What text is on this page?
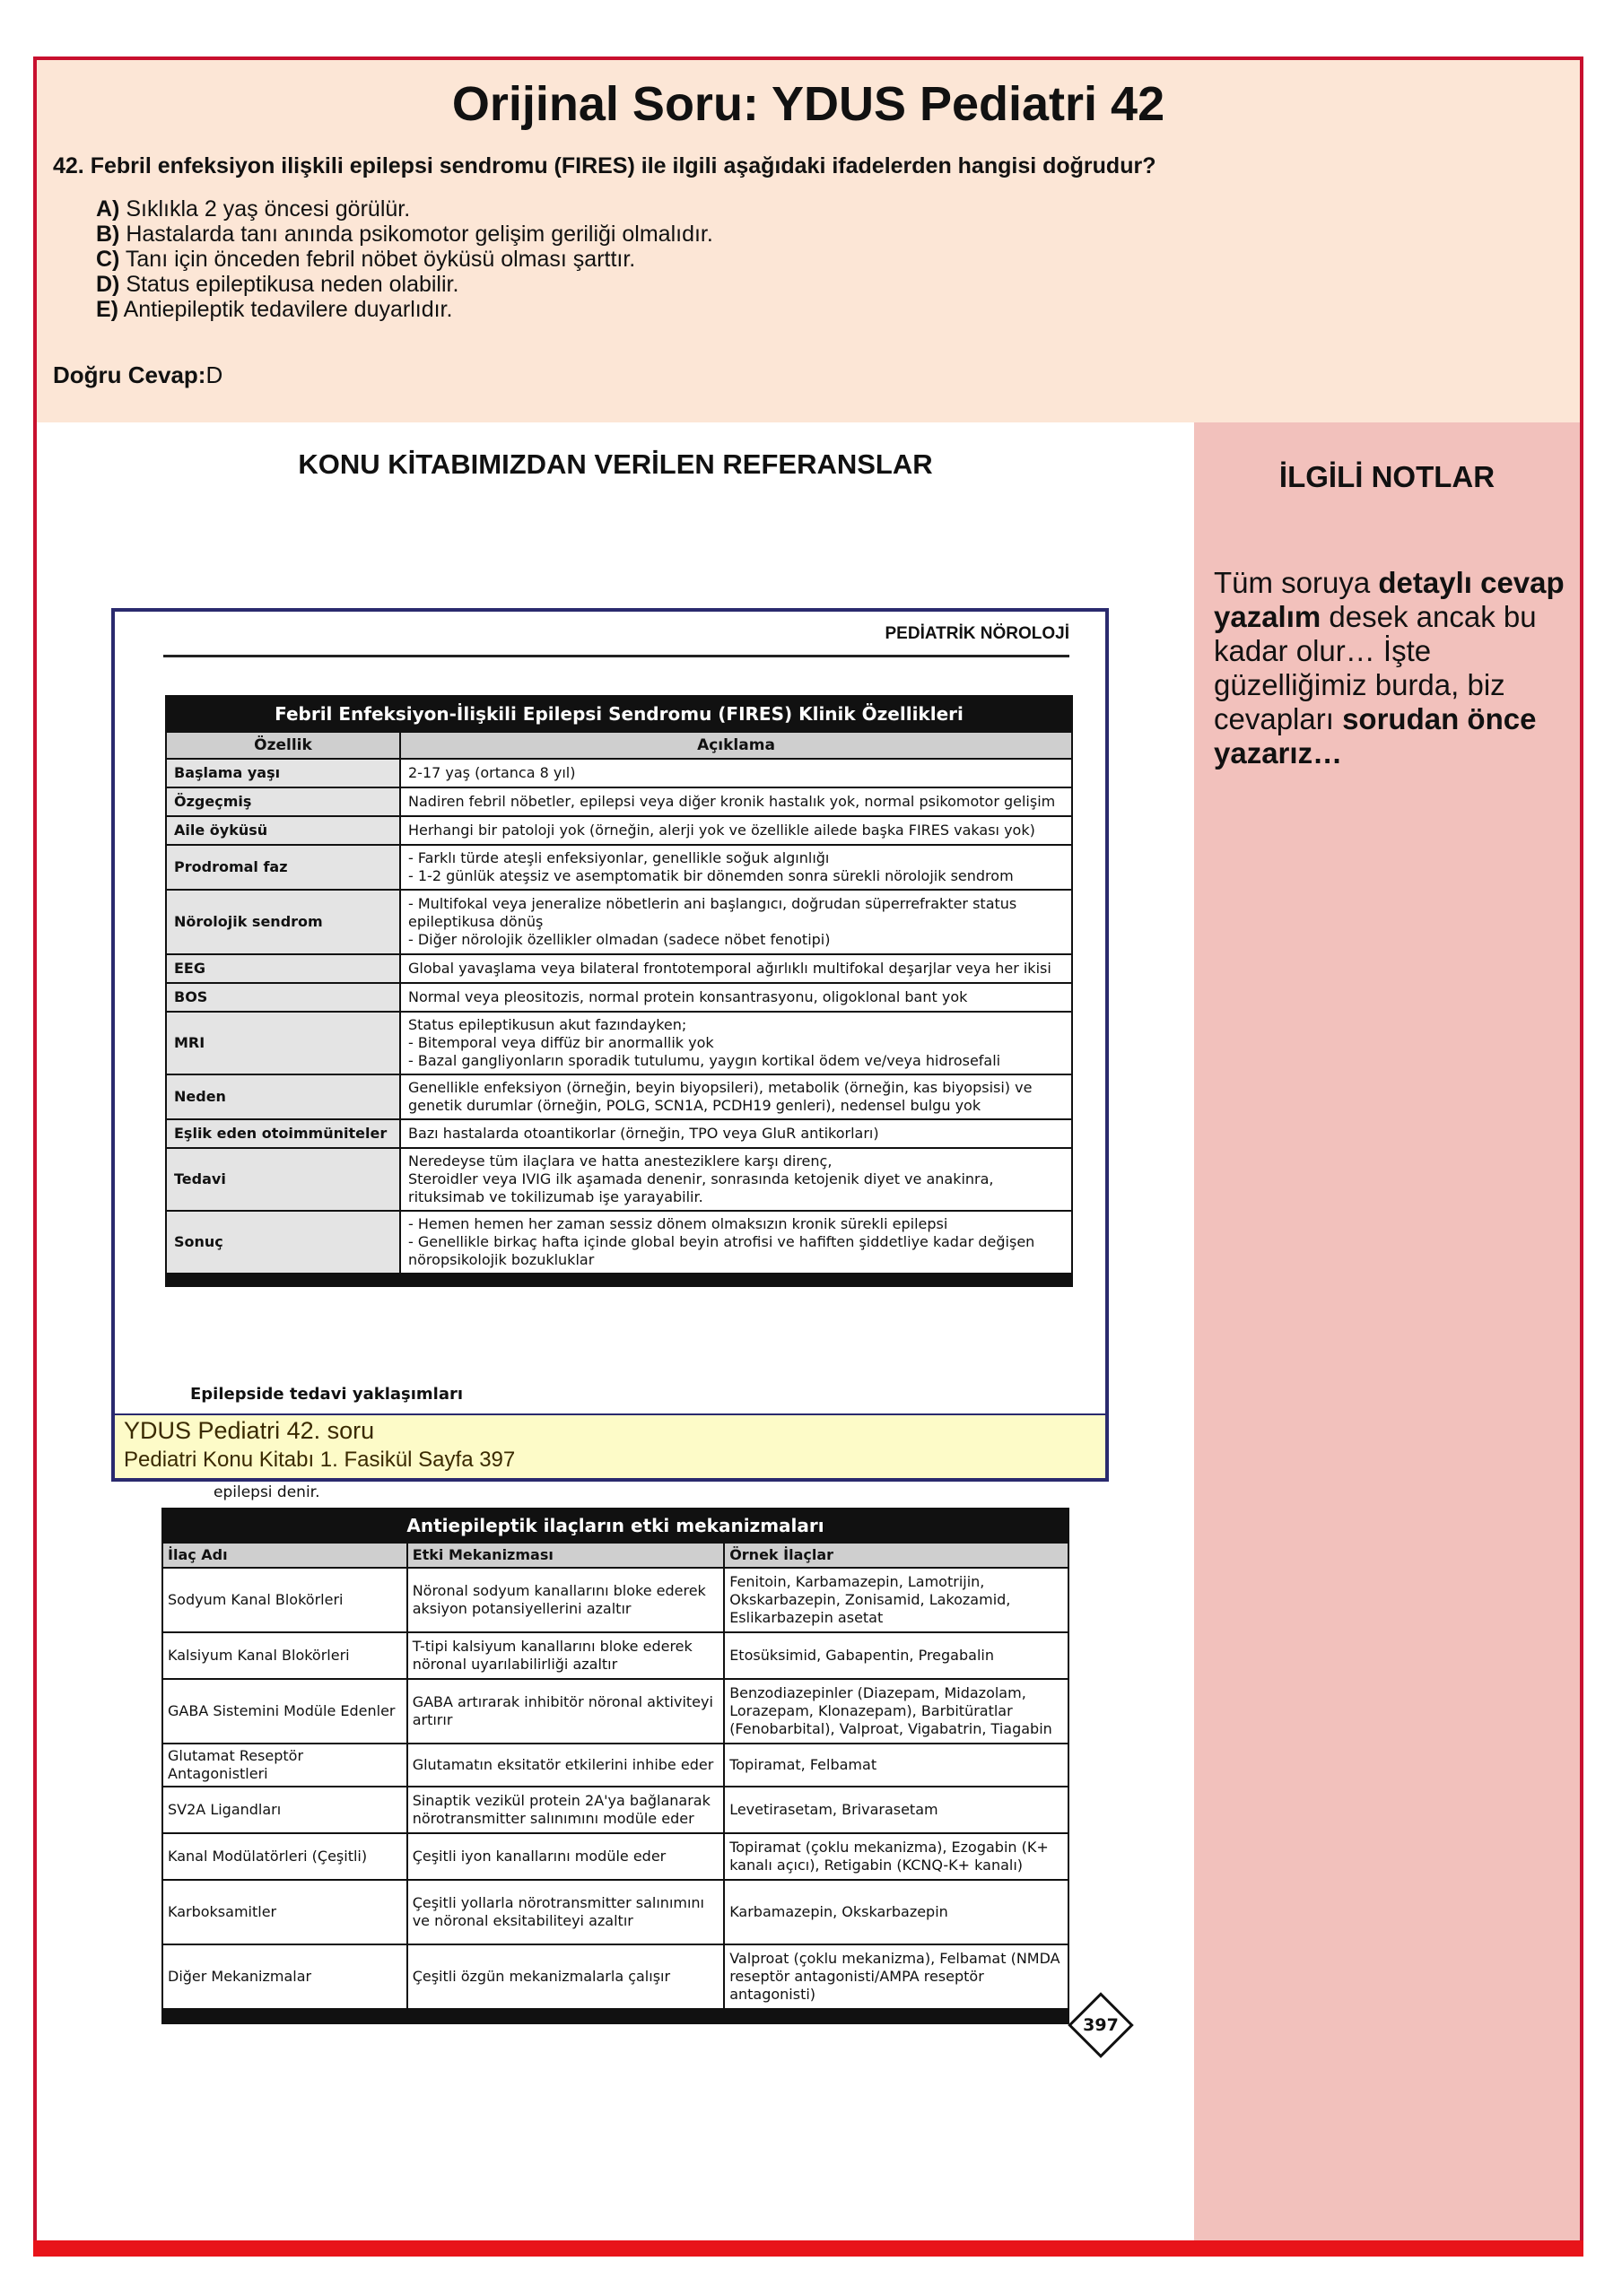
Orijinal Soru: YDUS Pediatri 42
42. Febril enfeksiyon ilişkili epilepsi sendromu (FIRES) ile ilgili aşağıdaki ifadelerden hangisi doğrudur?
A) Sıklıkla 2 yaş öncesi görülür.
B) Hastalarda tanı anında psikomotor gelişim geriliği olmalıdır.
C) Tanı için önceden febril nöbet öyküsü olması şarttır.
D) Status epileptikusa neden olabilir.
E) Antiepileptik tedavilere duyarlıdır.
Doğru Cevap:D
KONU KİTABIMIZDAN VERİLEN REFERANSLAR	İLGİLİ NOTLAR
Tüm soruya detaylı cevap yazalım desek ancak bu kadar olur… İşte güzelliğimiz burda, biz cevapları sorudan önce yazarız…
PEDİATRİK NÖROLOJİ
Febril Enfeksiyon-İlişkili Epilepsi Sendromu (FIRES) Klinik Özellikleri	
Özellik	Açıklama
Başlama yaşı	2-17 yaş (ortanca 8 yıl)

Özgeçmiş	Nadiren febril nöbetler, epilepsi veya diğer kronik hastalık yok, normal psikomotor gelişim

Aile öyküsü	Herhangi bir patoloji yok (örneğin, alerji yok ve özellikle ailede başka FIRES vakası yok)

Prodromal faz	- Farklı türde ateşli enfeksiyonlar, genellikle soğuk algınlığı
- 1-2 günlük ateşsiz ve asemptomatik bir dönemden sonra sürekli nörolojik sendrom

Nörolojik sendrom	- Multifokal veya jeneralize nöbetlerin ani başlangıcı, doğrudan süperrefrakter status epileptikusa dönüş
- Diğer nörolojik özellikler olmadan (sadece nöbet fenotipi)

EEG	Global yavaşlama veya bilateral frontotemporal ağırlıklı multifokal deşarjlar veya her ikisi

BOS	Normal veya pleositozis, normal protein konsantrasyonu, oligoklonal bant yok

MRI	Status epileptikusun akut fazındayken;
- Bitemporal veya diffüz bir anormallik yok
- Bazal gangliyonların sporadik tutulumu, yaygın kortikal ödem ve/veya hidrosefali

Neden	Genellikle enfeksiyon (örneğin, beyin biyopsileri), metabolik (örneğin, kas biyopsisi) ve genetik durumlar (örneğin, POLG, SCN1A, PCDH19 genleri), nedensel bulgu yok

Eşlik eden otoimmüniteler	Bazı hastalarda otoantikorlar (örneğin, TPO veya GluR antikorları)

Tedavi	Neredeyse tüm ilaçlara ve hatta anesteziklere karşı direnç,
Steroidler veya IVIG ilk aşamada denenir, sonrasında ketojenik diyet ve anakinra, rituksimab ve tokilizumab işe yarayabilir.

Sonuç	- Hemen hemen her zaman sessiz dönem olmaksızın kronik sürekli epilepsi
- Genellikle birkaç hafta içinde global beyin atrofisi ve hafiften şiddetliye kadar değişen nöropsikolojik bozukluklar

Epilepside tedavi yaklaşımları
YDUS Pediatri 42. soru
Pediatri Konu Kitabı 1. Fasikül Sayfa 397
epilepsi denir.
Antiepileptik ilaçların etki mekanizmaları		
İlaç Adı	Etki Mekanizması	Örnek İlaçlar
Sodyum Kanal Blokörleri	Nöronal sodyum kanallarını bloke ederek aksiyon potansiyellerini azaltır	Fenitoin, Karbamazepin, Lamotrijin, Okskarbazepin, Zonisamid, Lakozamid, Eslikarbazepin asetat
Kalsiyum Kanal Blokörleri	T-tipi kalsiyum kanallarını bloke ederek nöronal uyarılabilirliği azaltır	Etosüksimid, Gabapentin, Pregabalin
GABA Sistemini Modüle Edenler	GABA artırarak inhibitör nöronal aktiviteyi artırır	Benzodiazepinler (Diazepam, Midazolam, Lorazepam, Klonazepam), Barbitüratlar (Fenobarbital), Valproat, Vigabatrin, Tiagabin
Glutamat Reseptör Antagonistleri	Glutamatın eksitatör etkilerini inhibe eder	Topiramat, Felbamat
SV2A Ligandları	Sinaptik vezikül protein 2A'ya bağlanarak nörotransmitter salınımını modüle eder	Levetirasetam, Brivarasetam
Kanal Modülatörleri (Çeşitli)	Çeşitli iyon kanallarını modüle eder	Topiramat (çoklu mekanizma), Ezogabin (K+ kanalı açıcı), Retigabin (KCNQ-K+ kanalı)
Karboksamitler	Çeşitli yollarla nörotransmitter salınımını ve nöronal eksitabiliteyi azaltır	Karbamazepin, Okskarbazepin
Diğer Mekanizmalar	Çeşitli özgün mekanizmalarla çalışır	Valproat (çoklu mekanizma), Felbamat (NMDA reseptör antagonisti/AMPA reseptör antagonisti)

397
